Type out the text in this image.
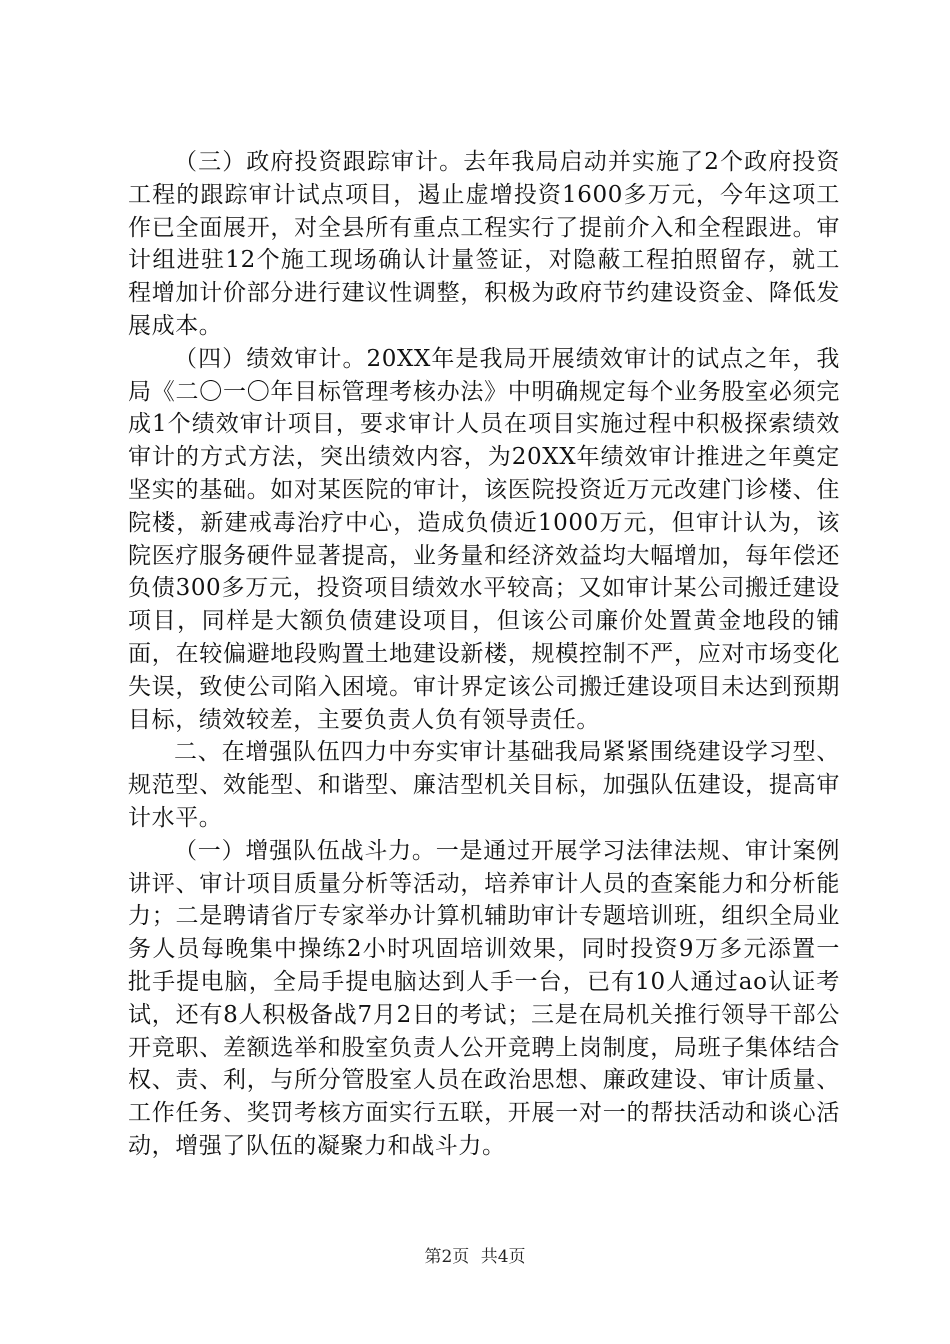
（三）政府投资跟踪审计。去年我局启动并实施了2个政府投资工程的跟踪审计试点项目，遏止虚增投资1600多万元，今年这项工作已全面展开，对全县所有重点工程实行了提前介入和全程跟进。审计组进驻12个施工现场确认计量签证，对隐蔽工程拍照留存，就工程增加计价部分进行建议性调整，积极为政府节约建设资金、降低发展成本。

（四）绩效审计。20XX年是我局开展绩效审计的试点之年，我局《二〇一〇年目标管理考核办法》中明确规定每个业务股室必须完成1个绩效审计项目，要求审计人员在项目实施过程中积极探索绩效审计的方式方法，突出绩效内容，为20XX年绩效审计推进之年奠定坚实的基础。如对某医院的审计，该医院投资近万元改建门诊楼、住院楼，新建戒毒治疗中心，造成负债近1000万元，但审计认为，该院医疗服务硬件显著提高，业务量和经济效益均大幅增加，每年偿还负债300多万元，投资项目绩效水平较高；又如审计某公司搬迁建设项目，同样是大额负债建设项目，但该公司廉价处置黄金地段的铺面，在较偏避地段购置土地建设新楼，规模控制不严，应对市场变化失误，致使公司陷入困境。审计界定该公司搬迁建设项目未达到预期目标，绩效较差，主要负责人负有领导责任。

二、在增强队伍四力中夯实审计基础我局紧紧围绕建设学习型、规范型、效能型、和谐型、廉洁型机关目标，加强队伍建设，提高审计水平。

（一）增强队伍战斗力。一是通过开展学习法律法规、审计案例讲评、审计项目质量分析等活动，培养审计人员的查案能力和分析能力；二是聘请省厅专家举办计算机辅助审计专题培训班，组织全局业务人员每晚集中操练2小时巩固培训效果，同时投资9万多元添置一批手提电脑，全局手提电脑达到人手一台，已有10人通过ao认证考试，还有8人积极备战7月2日的考试；三是在局机关推行领导干部公开竞职、差额选举和股室负责人公开竞聘上岗制度，局班子集体结合权、责、利，与所分管股室人员在政治思想、廉政建设、审计质量、工作任务、奖罚考核方面实行五联，开展一对一的帮扶活动和谈心活动，增强了队伍的凝聚力和战斗力。

第2页 共4页
